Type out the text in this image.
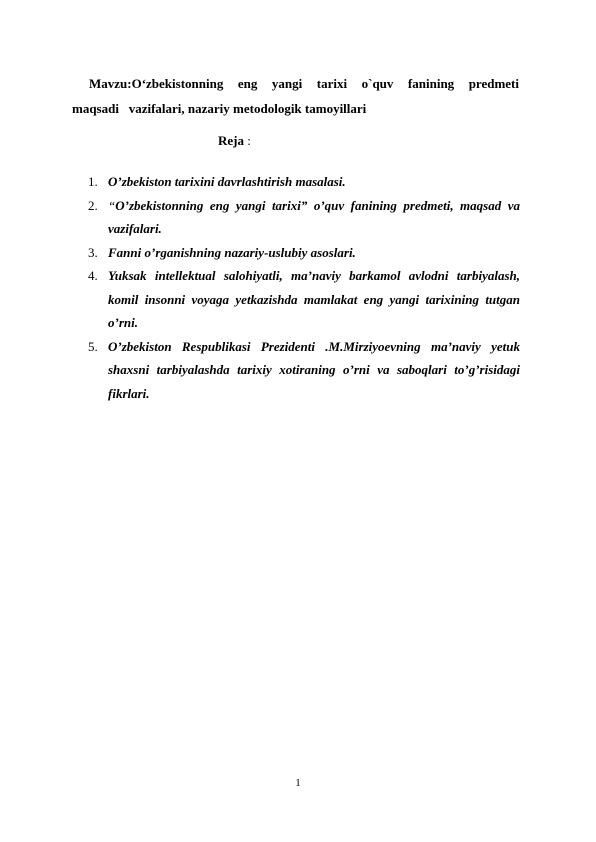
Mavzu:O‘zbekistonning eng yangi tarixi o`quv fanining predmeti
maqsadi   vazifalari, nazariy metodologik tamoyillari
Reja :
1. O’zbekiston tarixini davrlashtirish masalasi.
2. “O’zbekistonning eng yangi tarixi” o’quv fanining predmeti, maqsad va vazifalari.
3. Fanni o’rganishning nazariy-uslubiy asoslari.
4. Yuksak intellektual salohiyatli, ma’naviy barkamol avlodni tarbiyalash, komil insonni voyaga yetkazishda mamlakat eng yangi tarixining tutgan o’rni.
5. O’zbekiston Respublikasi Prezidenti .M.Mirziyoevning ma’naviy yetuk shaxsni tarbiyalashda tarixiy xotiraning o’rni va saboqlari to’g’risidagi fikrlari.
1
